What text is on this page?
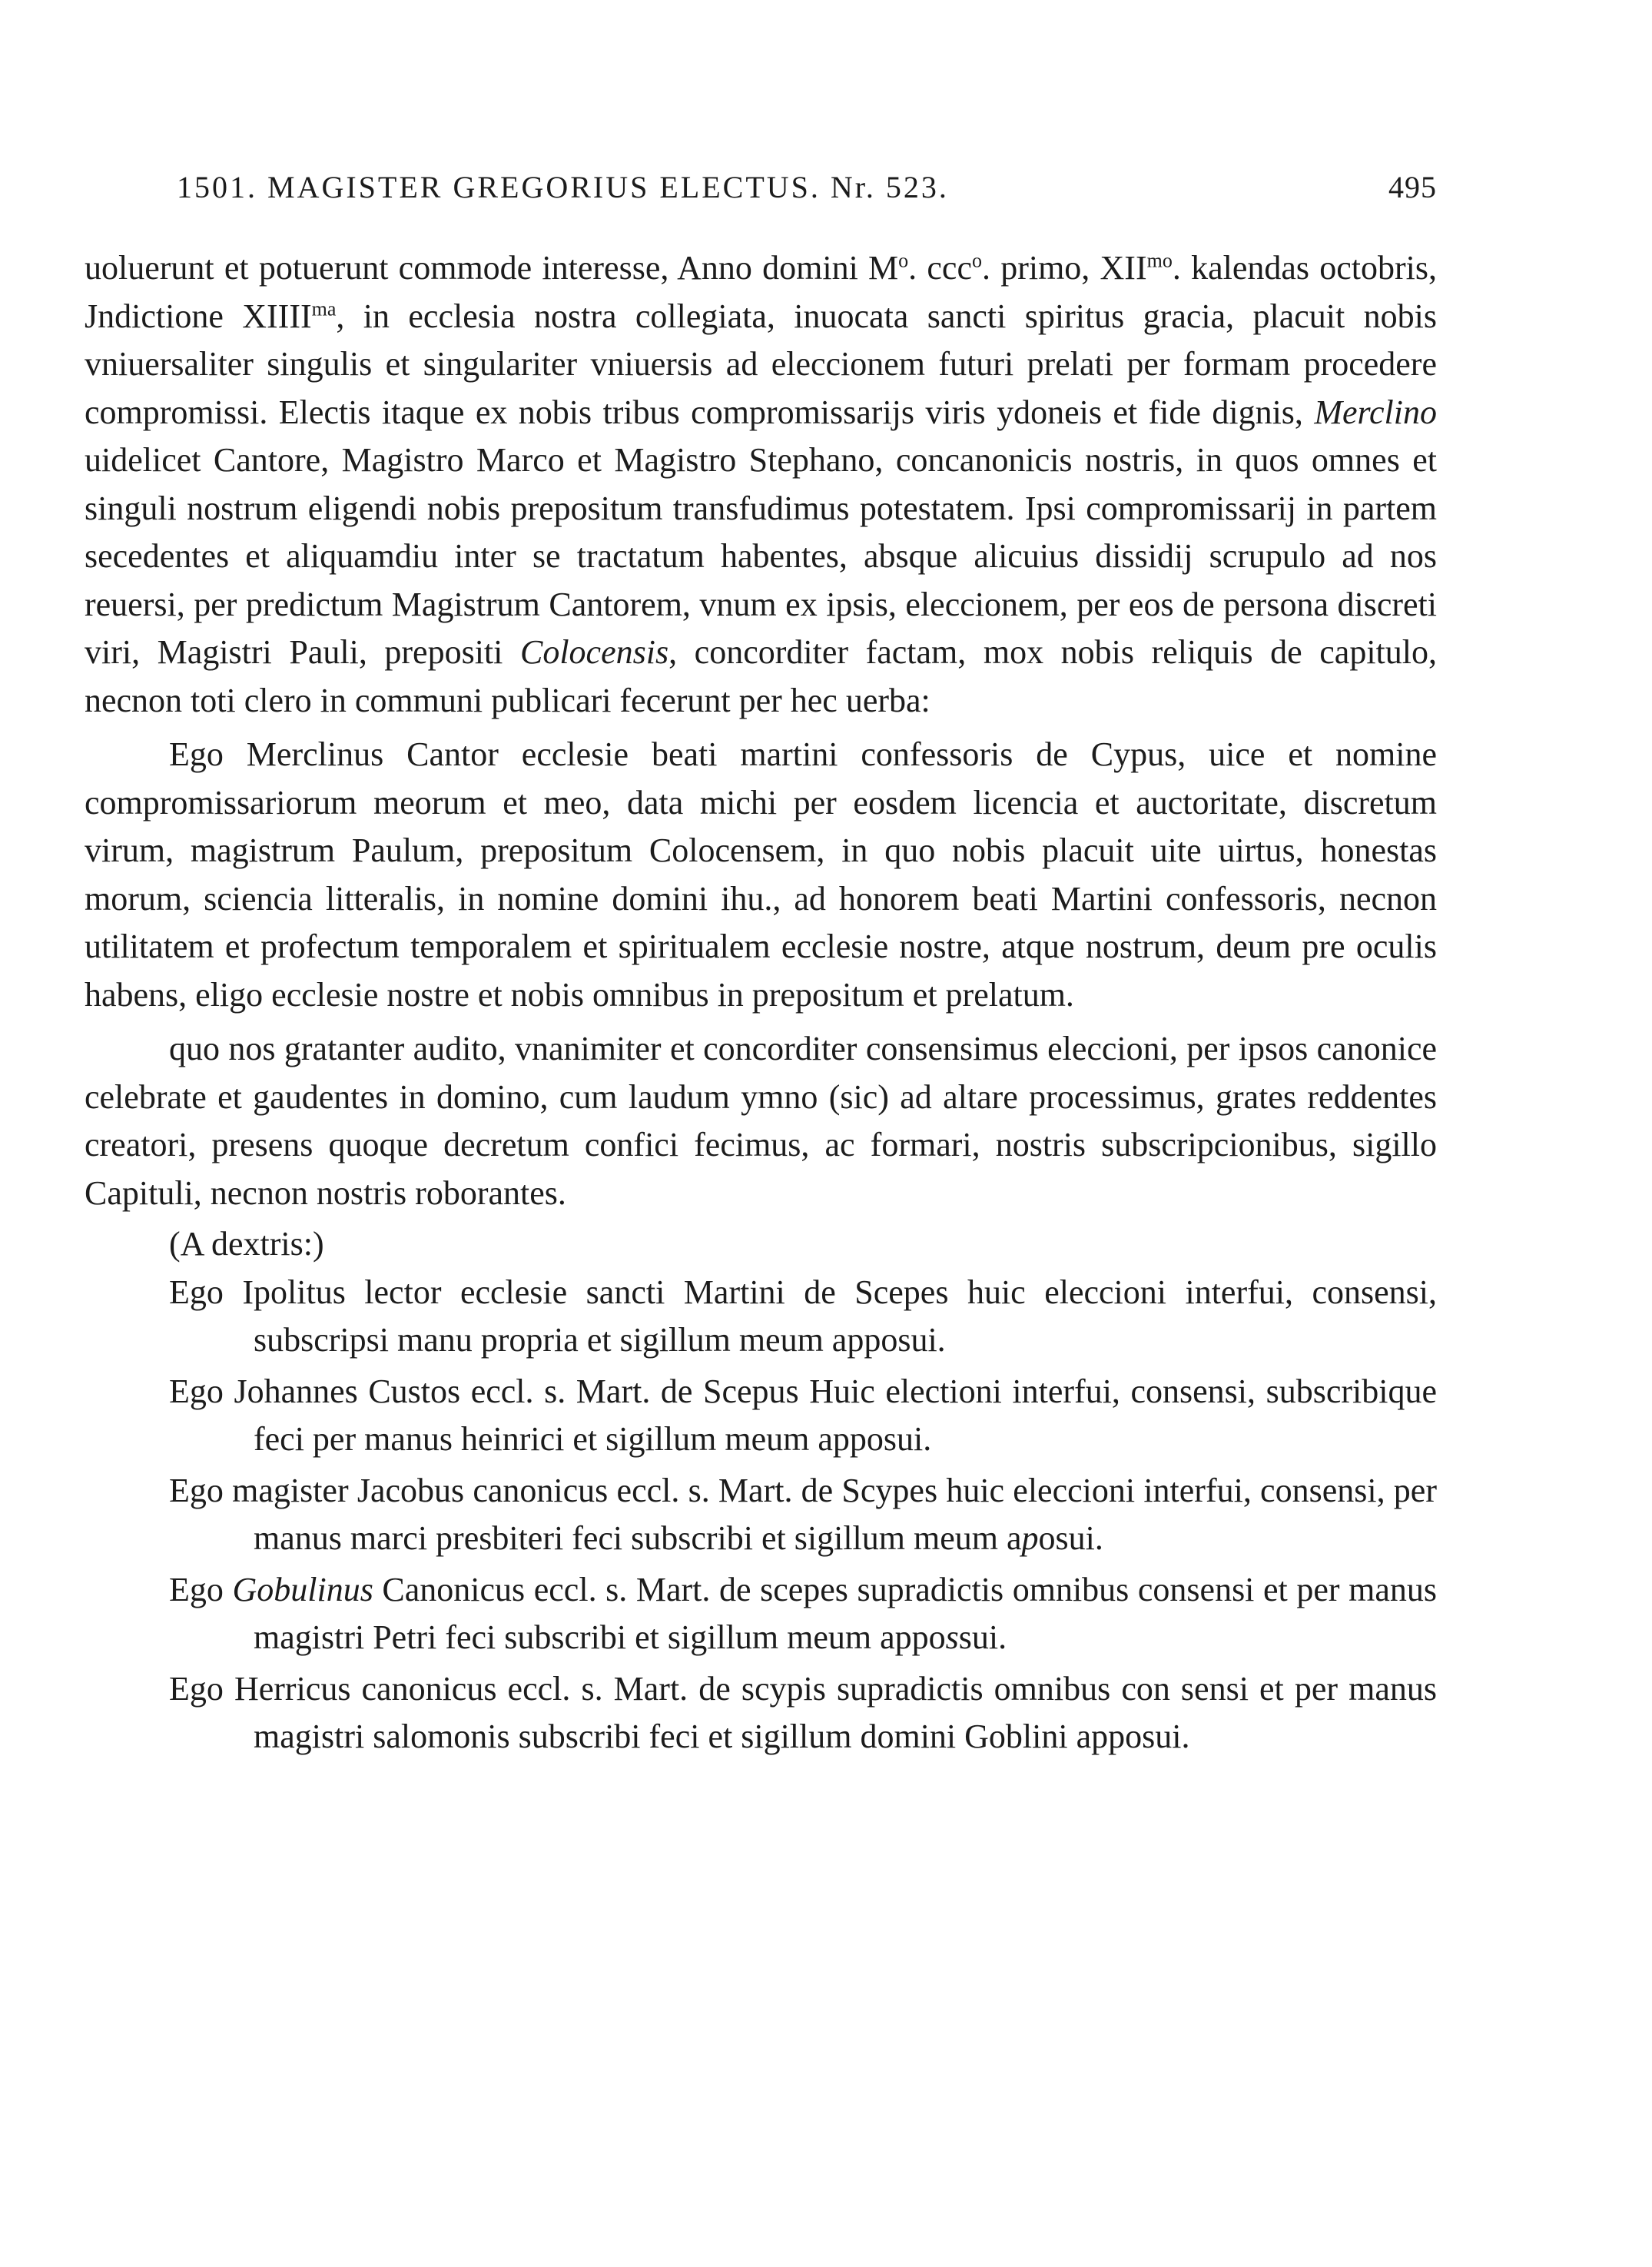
1501. MAGISTER GREGORIUS ELECTUS. Nr. 523.	495

uoluerunt et potuerunt commode interesse, Anno domini $M^o$. ccc$^o$. primo, $XII^{mo}$. kalendas octobris, Jndictione $XIIII^{ma}$, in ecclesia nostra collegiata, inuocata sancti spiritus gracia, placuit nobis vniuersaliter singulis et singulariter vniuersis ad eleccionem futuri prelati per formam procedere compromissi. Electis itaque ex nobis tribus compromissarijs viris ydoneis et fide dignis, Merclino uidelicet Cantore, Magistro Marco et Magistro Stephano, concanonicis nostris, in quos omnes et singuli nostrum eligendi nobis prepositum transfudimus potestatem. Ipsi compromissarij in partem secedentes et aliquamdiu inter se tractatum habentes, absque alicuius dissidij scrupulo ad nos reuersi, per predictum Magistrum Cantorem, vnum ex ipsis, eleccionem, per eos de persona discreti viri, Magistri Pauli, prepositi Colocensis, concorditer factam, mox nobis reliquis de capitulo, necnon toti clero in communi publicari fecerunt per hec uerba:

Ego Merclinus Cantor ecclesie beati martini confessoris de Cypus, uice et nomine compromissariorum meorum et meo, data michi per eosdem licencia et auctoritate, discretum virum, magistrum Paulum, prepositum Colocensem, in quo nobis placuit uite uirtus, honestas morum, sciencia litteralis, in nomine domini ihu., ad honorem beati Martini confessoris, necnon utilitatem et profectum temporalem et spiritualem ecclesie nostre, atque nostrum, deum pre oculis habens, eligo ecclesie nostre et nobis omnibus in prepositum et prelatum.

quo nos gratanter audito, vnanimiter et concorditer consensimus eleccioni, per ipsos canonice celebrate et gaudentes in domino, cum laudum ymno (sic) ad altare processimus, grates reddentes creatori, presens quoque decretum confici fecimus, ac formari, nostris subscripcionibus, sigillo Capituli, necnon nostris roborantes.

(A dextris:)

Ego Ipolitus lector ecclesie sancti Martini de Scepes huic eleccioni interfui, consensi, subscripsi manu propria et sigillum meum apposui.

Ego Johannes Custos eccl. s. Mart. de Scepus Huic electioni interfui, consensi, subscribique feci per manus heinrici et sigillum meum apposui.

Ego magister Jacobus canonicus eccl. s. Mart. de Scypes huic eleccioni interfui, consensi, per manus marci presbiteri feci subscribi et sigillum meum aposui.

Ego Gobulinus Canonicus eccl. s. Mart. de scepes supradictis omnibus consensi et per manus magistri Petri feci subscribi et sigillum meum appossui.

Ego Herricus canonicus eccl. s. Mart. de scypis supradictis omnibus con sensi et per manus magistri salomonis subscribi feci et sigillum domini Goblini apposui.
